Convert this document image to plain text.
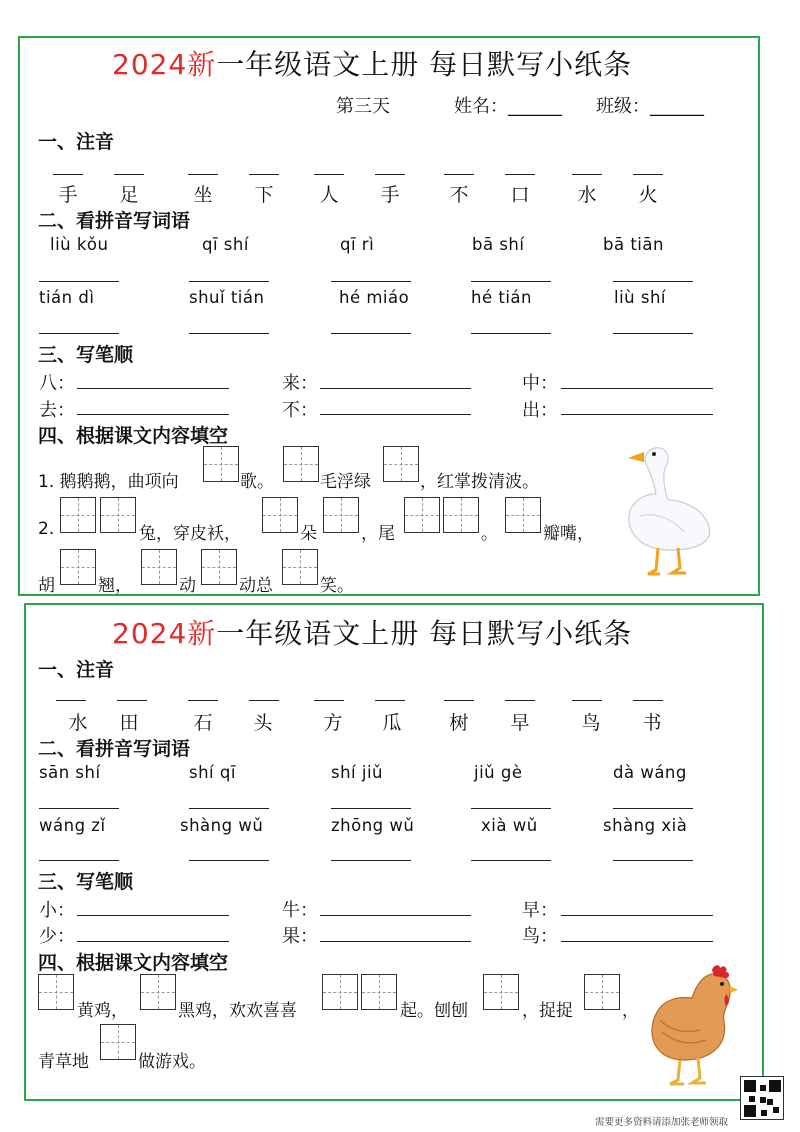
2024新一年级语文上册 每日默写小纸条
第三天	姓名：______ 班级：______
一、注音
手 足	坐 下 人 手	不 口	水 火
二、看拼音写词语
liù kǒu	qī shí	qī rì	bā shí	bā tiān
tián dì	shuǐ tián	hé miáo	hé tián	liù shí
三、写笔顺
八：	来：	中：
去：	不：	出：
四、根据课文内容填空
1. 鹅鹅鹅，曲项向	歌。	毛浮绿	，红掌拨清波。
2.	兔，穿皮袄，	朵	，尾	。	瓣嘴，
胡	翘，	动	动总	笑。
2024新一年级语文上册 每日默写小纸条
一、注音
水 田	石 头	方 瓜	树 早	鸟 书
二、看拼音写词语
sān shí	shí qī	shí jiǔ	jiǔ gè	dà wáng
wáng zǐ	shàng wǔ	zhōng wǔ	xià wǔ	shàng xià
三、写笔顺
小：	牛：	早：
少：	果：	鸟：
四、根据课文内容填空
黄鸡，	黑鸡，欢欢喜喜	起。刨刨	，捉捉	，
青草地	做游戏。
需要更多资料请添加张老师领取
